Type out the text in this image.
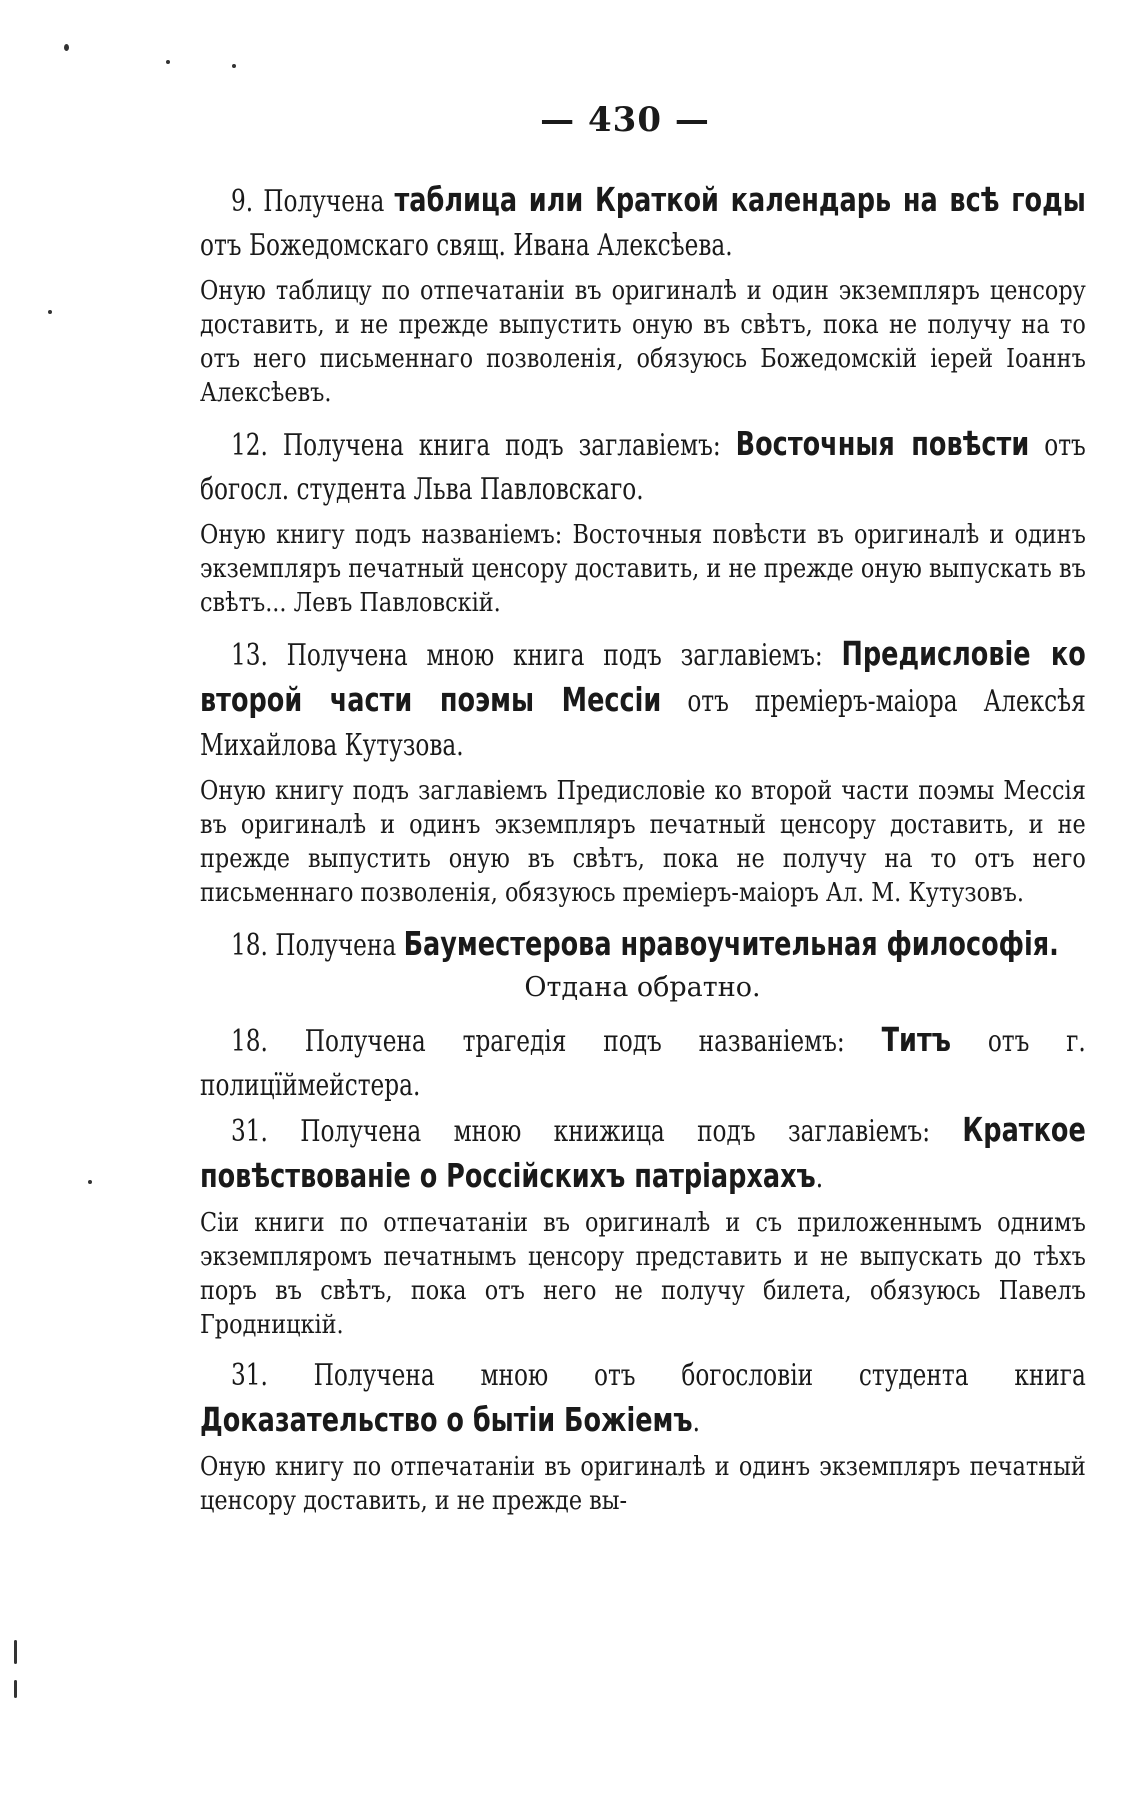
— 430 —
9. Получена таблица или Краткой календарь на всѣ годы отъ Божедомскаго свящ. Ивана Алексѣева.
Оную таблицу по отпечатаніи въ оригиналѣ и один экземпляръ ценсору доставить, и не прежде выпустить оную въ свѣтъ, пока не получу на то отъ него письменнаго позволенія, обязуюсь Божедомскій іерей Іоаннъ Алексѣевъ.
12. Получена книга подъ заглавіемъ: Восточныя повѣсти отъ богосл. студента Льва Павловскаго.
Оную книгу подъ названіемъ: Восточныя повѣсти въ оригиналѣ и одинъ экземпляръ печатный ценсору доставить, и не прежде оную выпускать въ свѣтъ... Левъ Павловскій.
13. Получена мною книга подъ заглавіемъ: Предисловіе ко второй части поэмы Мессіи отъ преміеръ-маіора Алексѣя Михайлова Кутузова.
Оную книгу подъ заглавіемъ Предисловіе ко второй части поэмы Мессія въ оригиналѣ и одинъ экземпляръ печатный ценсору доставить, и не прежде выпустить оную въ свѣтъ, пока не получу на то отъ него письменнаго позволенія, обязуюсь преміеръ-маіоръ Ал. М. Кутузовъ.
18. Получена Бауместерова нравоучительная философія.
Отдана обратно.
18. Получена трагедія подъ названіемъ: Титъ отъ г. полицїймейстера.
31. Получена мною книжица подъ заглавіемъ: Краткое повѣствованіе о Россійскихъ патріархахъ.
Сіи книги по отпечатаніи въ оригиналѣ и съ приложеннымъ однимъ экземпляромъ печатнымъ ценсору представить и не выпускать до тѣхъ поръ въ свѣтъ, пока отъ него не получу билета, обязуюсь Павелъ Гродницкій.
31. Получена мною отъ богословіи студента книга Доказательство о бытіи Божіемъ.
Оную книгу по отпечатаніи въ оригиналѣ и одинъ экземпляръ печатный ценсору доставить, и не прежде вы-
